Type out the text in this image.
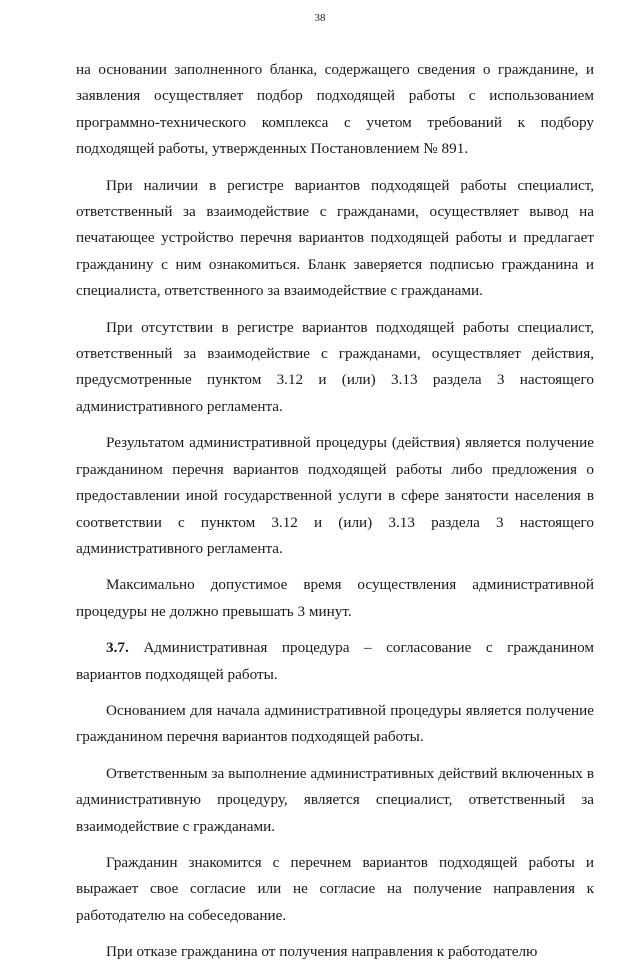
38

на основании заполненного бланка, содержащего сведения о гражданине, и заявления осуществляет подбор подходящей работы с использованием программно-технического комплекса с учетом требований к подбору подходящей работы, утвержденных Постановлением № 891.

При наличии в регистре вариантов подходящей работы специалист, ответственный за взаимодействие с гражданами, осуществляет вывод на печатающее устройство перечня вариантов подходящей работы и предлагает гражданину с ним ознакомиться. Бланк заверяется подписью гражданина и специалиста, ответственного за взаимодействие с гражданами.

При отсутствии в регистре вариантов подходящей работы специалист, ответственный за взаимодействие с гражданами, осуществляет действия, предусмотренные пунктом 3.12 и (или) 3.13 раздела 3 настоящего административного регламента.

Результатом административной процедуры (действия) является получение гражданином перечня вариантов подходящей работы либо предложения о предоставлении иной государственной услуги в сфере занятости населения в соответствии с пунктом 3.12 и (или) 3.13 раздела 3 настоящего административного регламента.

Максимально допустимое время осуществления административной процедуры не должно превышать 3 минут.

3.7. Административная процедура – согласование с гражданином вариантов подходящей работы.

Основанием для начала административной процедуры является получение гражданином перечня вариантов подходящей работы.

Ответственным за выполнение административных действий включенных в административную процедуру, является специалист, ответственный за взаимодействие с гражданами.

Гражданин знакомится с перечнем вариантов подходящей работы и выражает свое согласие или не согласие на получение направления к работодателю на собеседование.

При отказе гражданина от получения направления к работодателю
